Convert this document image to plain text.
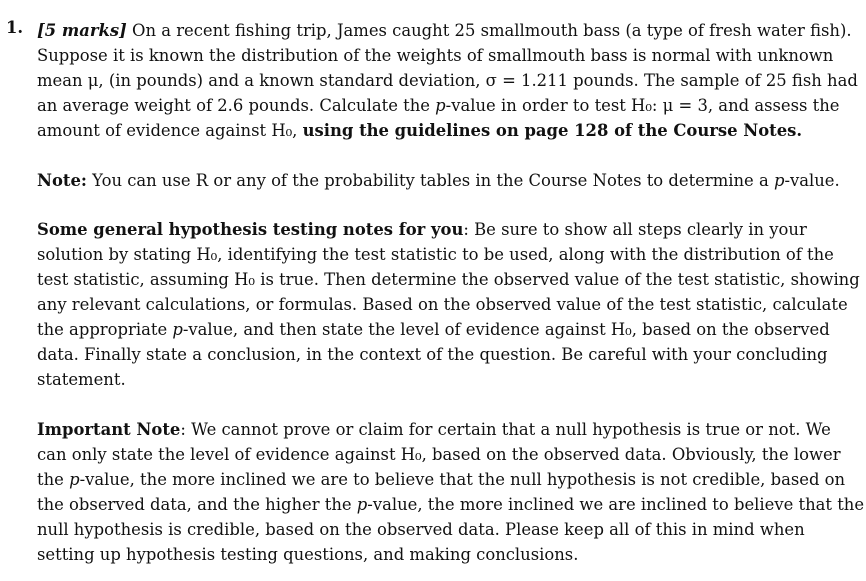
1. [5 marks] On a recent fishing trip, James caught 25 smallmouth bass (a type of fresh water fish).
Suppose it is known the distribution of the weights of smallmouth bass is normal with unknown
mean μ, (in pounds) and a known standard deviation, σ = 1.211 pounds. The sample of 25 fish had
an average weight of 2.6 pounds. Calculate the p-value in order to test H₀: μ = 3, and assess the
amount of evidence against H₀, using the guidelines on page 128 of the Course Notes.

Note: You can use R or any of the probability tables in the Course Notes to determine a p-value.

Some general hypothesis testing notes for you: Be sure to show all steps clearly in your
solution by stating H₀, identifying the test statistic to be used, along with the distribution of the
test statistic, assuming H₀ is true. Then determine the observed value of the test statistic, showing
any relevant calculations, or formulas. Based on the observed value of the test statistic, calculate
the appropriate p-value, and then state the level of evidence against H₀, based on the observed
data. Finally state a conclusion, in the context of the question. Be careful with your concluding
statement.

Important Note: We cannot prove or claim for certain that a null hypothesis is true or not. We
can only state the level of evidence against H₀, based on the observed data. Obviously, the lower
the p-value, the more inclined we are to believe that the null hypothesis is not credible, based on
the observed data, and the higher the p-value, the more inclined we are inclined to believe that the
null hypothesis is credible, based on the observed data. Please keep all of this in mind when
setting up hypothesis testing questions, and making conclusions.
